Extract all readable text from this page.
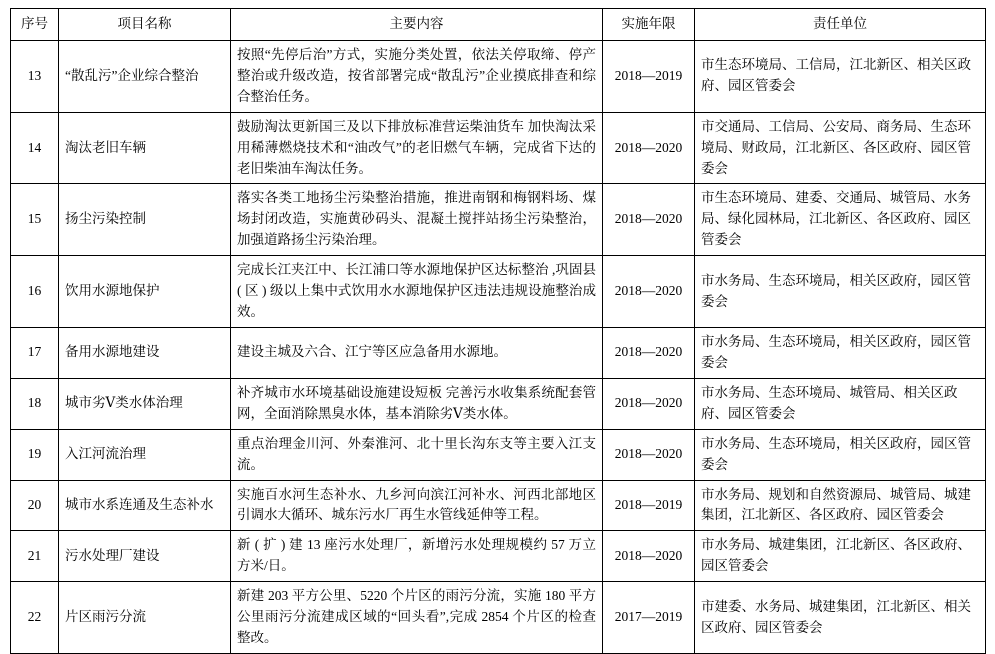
序号	项目名称	主要内容	实施年限	责任单位
13	“散乱污”企业综合整治	按照“先停后治”方式，实施分类处置，依法关停取缔、停产整治或升级改造，按省部署完成“散乱污”企业摸底排查和综合整治任务。	2018—2019	市生态环境局、工信局，江北新区、相关区政府、园区管委会
14	淘汰老旧车辆	鼓励淘汰更新国三及以下排放标准营运柴油货车 加快淘汰采用稀薄燃烧技术和“油改气”的老旧燃气车辆，完成省下达的老旧柴油车淘汰任务。	2018—2020	市交通局、工信局、公安局、商务局、生态环境局、财政局，江北新区、各区政府、园区管委会
15	扬尘污染控制	落实各类工地扬尘污染整治措施，推进南钢和梅钢料场、煤场封闭改造，实施黄砂码头、混凝土搅拌站扬尘污染整治，加强道路扬尘污染治理。	2018—2020	市生态环境局、建委、交通局、城管局、水务局、绿化园林局，江北新区、各区政府、园区管委会
16	饮用水源地保护	完成长江夹江中、长江浦口等水源地保护区达标整治 ,巩固县 ( 区 ) 级以上集中式饮用水水源地保护区违法违规设施整治成效。	2018—2020	市水务局、生态环境局，相关区政府，园区管委会
17	备用水源地建设	建设主城及六合、江宁等区应急备用水源地。	2018—2020	市水务局、生态环境局，相关区政府，园区管委会
18	城市劣Ⅴ类水体治理	补齐城市水环境基础设施建设短板 完善污水收集系统配套管网，全面消除黑臭水体，基本消除劣Ⅴ类水体。	2018—2020	市水务局、生态环境局、城管局、相关区政府、园区管委会
19	入江河流治理	重点治理金川河、外秦淮河、北十里长沟东支等主要入江支流。	2018—2020	市水务局、生态环境局，相关区政府，园区管委会
20	城市水系连通及生态补水	实施百水河生态补水、九乡河向滨江河补水、河西北部地区引调水大循环、城东污水厂再生水管线延伸等工程。	2018—2019	市水务局、规划和自然资源局、城管局、城建集团，江北新区、各区政府、园区管委会
21	污水处理厂建设	新 ( 扩 ) 建 13 座污水处理厂，新增污水处理规模约 57 万立方米/日。	2018—2020	市水务局、城建集团，江北新区、各区政府、园区管委会
22	片区雨污分流	新建 203 平方公里、5220 个片区的雨污分流，实施 180 平方公里雨污分流建成区域的“回头看”,完成 2854 个片区的检查整改。	2017—2019	市建委、水务局、城建集团，江北新区、相关区政府、园区管委会
